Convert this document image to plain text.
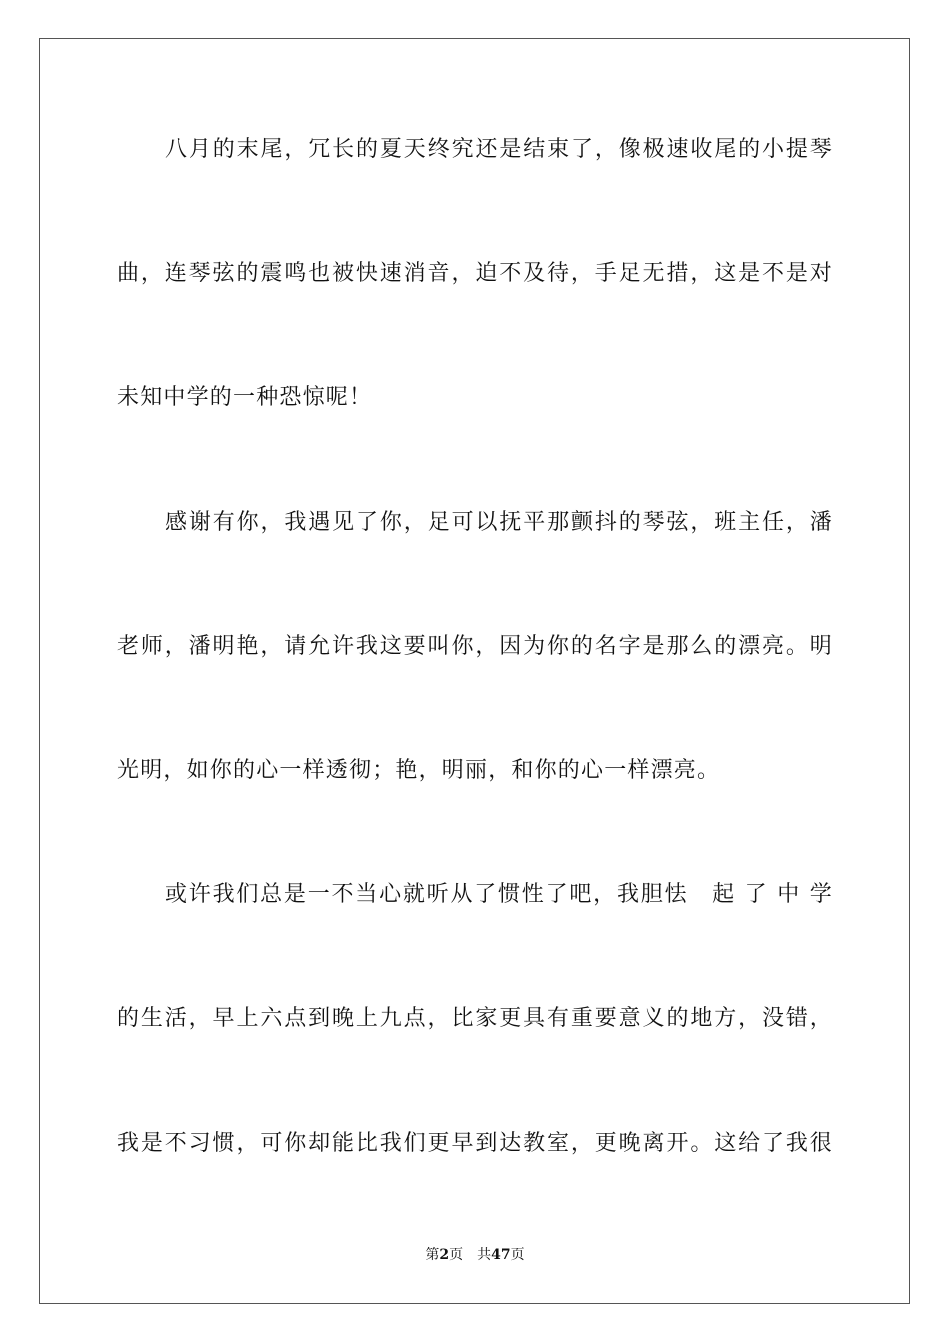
八月的末尾，冗长的夏天终究还是结束了，像极速收尾的小提琴
曲，连琴弦的震鸣也被快速消音，迫不及待，手足无措，这是不是对
未知中学的一种恐惊呢！
感谢有你，我遇见了你，足可以抚平那颤抖的琴弦，班主任，潘
老师，潘明艳，请允许我这要叫你，因为你的名字是那么的漂亮。明
光明，如你的心一样透彻；艳，明丽，和你的心一样漂亮。
或许我们总是一不当心就听从了惯性了吧，我胆怯　起 了 中 学
的生活，早上六点到晚上九点，比家更具有重要意义的地方，没错，
我是不习惯，可你却能比我们更早到达教室，更晚离开。这给了我很
第2页 共47页
